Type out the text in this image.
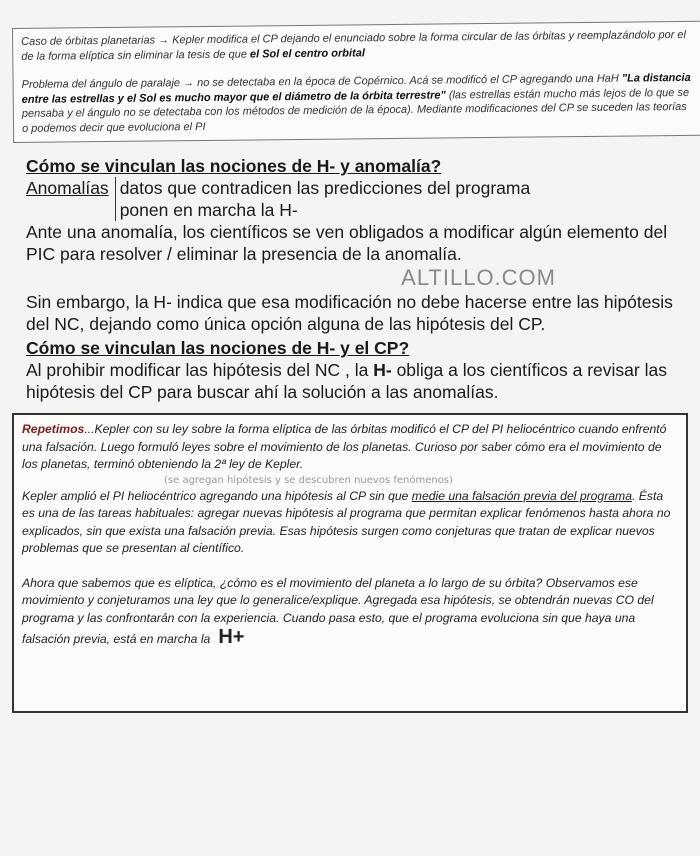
Caso de órbitas planetarias → Kepler modifica el CP dejando el enunciado sobre la forma circular de las órbitas y reemplazándolo por el de la forma elíptica sin eliminar la tesis de que el Sol el centro orbital

Problema del ángulo de paralaje → no se detectaba en la época de Copérnico. Acá se modificó el CP agregando una HaH "La distancia entre las estrellas y el Sol es mucho mayor que el diámetro de la órbita terrestre" (las estrellas están mucho más lejos de lo que se pensaba y el ángulo no se detectaba con los métodos de medición de la época). Mediante modificaciones del CP se suceden las teorías o podemos decir que evoluciona el PI

Cómo se vinculan las nociones de H- y anomalía?

Anomalías datos que contradicen las predicciones del programa
ponen en marcha la H-

Ante una anomalía, los científicos se ven obligados a modificar algún elemento del PIC para resolver / eliminar la presencia de la anomalía.

ALTILLO.COM

Sin embargo, la H- indica que esa modificación no debe hacerse entre las hipótesis del NC, dejando como única opción alguna de las hipótesis del CP.

Cómo se vinculan las nociones de H- y el CP?

Al prohibir modificar las hipótesis del NC , la H- obliga a los científicos a revisar las hipótesis del CP para buscar ahí la solución a las anomalías.

Repetimos...Kepler con su ley sobre la forma elíptica de las órbitas modificó el CP del PI heliocéntrico cuando enfrentó una falsación. Luego formuló leyes sobre el movimiento de los planetas. Curioso por saber cómo era el movimiento de los planetas, terminó obteniendo la 2ª ley de Kepler.

(se agregan hipótesis y se descubren nuevos fenómenos)

Kepler amplió el PI heliocéntrico agregando una hipótesis al CP sin que medie una falsación previa del programa. Ésta es una de las tareas habituales: agregar nuevas hipótesis al programa que permitan explicar fenómenos hasta ahora no explicados, sin que exista una falsación previa. Esas hipótesis surgen como conjeturas que tratan de explicar nuevos problemas que se presentan al científico.

Ahora que sabemos que es elíptica, ¿cómo es el movimiento del planeta a lo largo de su órbita? Observamos ese movimiento y conjeturamos una ley que lo generalice/explique. Agregada esa hipótesis, se obtendrán nuevas CO del programa y las confrontarán con la experiencia. Cuando pasa esto, que el programa evoluciona sin que haya una falsación previa, está en marcha la H+
